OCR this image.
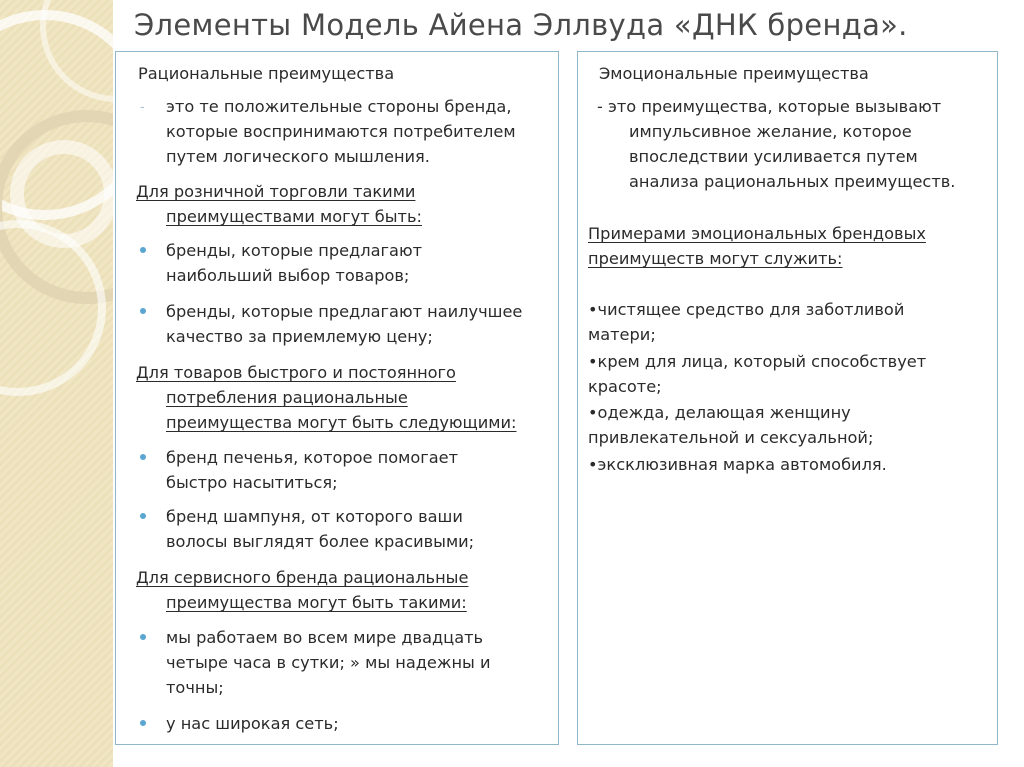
Элементы Модель Айена Эллвуда «ДНК бренда».
Рациональные преимущества
- это те положительные стороны бренда,
которые воспринимаются потребителем
путем логического мышления.
Для розничной торговли такими
преимуществами могут быть:
бренды, которые предлагают
наибольший выбор товаров;
бренды, которые предлагают наилучшее
качество за приемлемую цену;
Для товаров быстрого и постоянного
потребления рациональные
преимущества могут быть следующими:
бренд печенья, которое помогает
быстро насытиться;
бренд шампуня, от которого ваши
волосы выглядят более красивыми;
Для сервисного бренда рациональные
преимущества могут быть такими:
мы работаем во всем мире двадцать
четыре часа в сутки; » мы надежны и
точны;
у нас широкая сеть;
Эмоциональные преимущества
- это преимущества, которые вызывают
импульсивное желание, которое
впоследствии усиливается путем
анализа рациональных преимуществ.
Примерами эмоциональных брендовых
преимуществ могут служить:
•чистящее средство для заботливой
матери;
•крем для лица, который способствует
красоте;
•одежда, делающая женщину
привлекательной и сексуальной;
•эксклюзивная марка автомобиля.
